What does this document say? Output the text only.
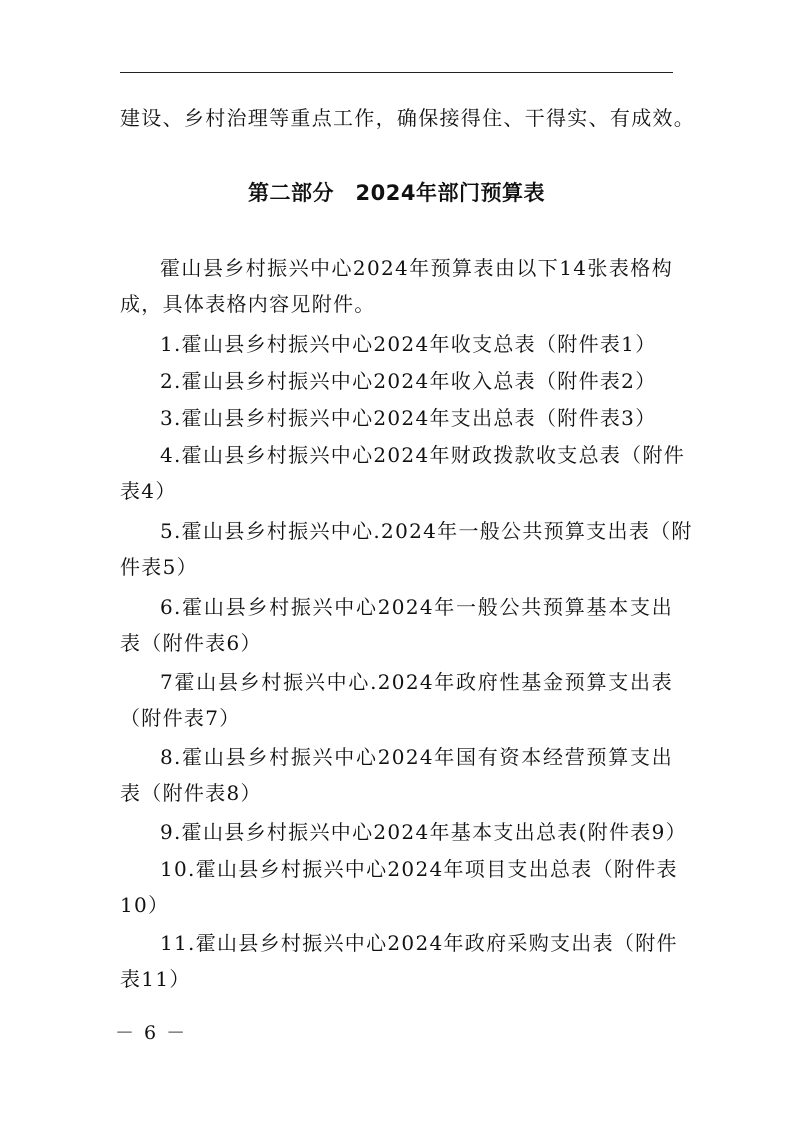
建设、乡村治理等重点工作，确保接得住、干得实、有成效。
第二部分　2024年部门预算表
霍山县乡村振兴中心2024年预算表由以下14张表格构
成，具体表格内容见附件。
1.霍山县乡村振兴中心2024年收支总表（附件表1）
2.霍山县乡村振兴中心2024年收入总表（附件表2）
3.霍山县乡村振兴中心2024年支出总表（附件表3）
4.霍山县乡村振兴中心2024年财政拨款收支总表（附件
表4）
5.霍山县乡村振兴中心.2024年一般公共预算支出表（附
件表5）
6.霍山县乡村振兴中心2024年一般公共预算基本支出
表（附件表6）
7霍山县乡村振兴中心.2024年政府性基金预算支出表
（附件表7）
8.霍山县乡村振兴中心2024年国有资本经营预算支出
表（附件表8）
9.霍山县乡村振兴中心2024年基本支出总表(附件表9）
10.霍山县乡村振兴中心2024年项目支出总表（附件表
10）
11.霍山县乡村振兴中心2024年政府采购支出表（附件
表11）
－ 6 －
